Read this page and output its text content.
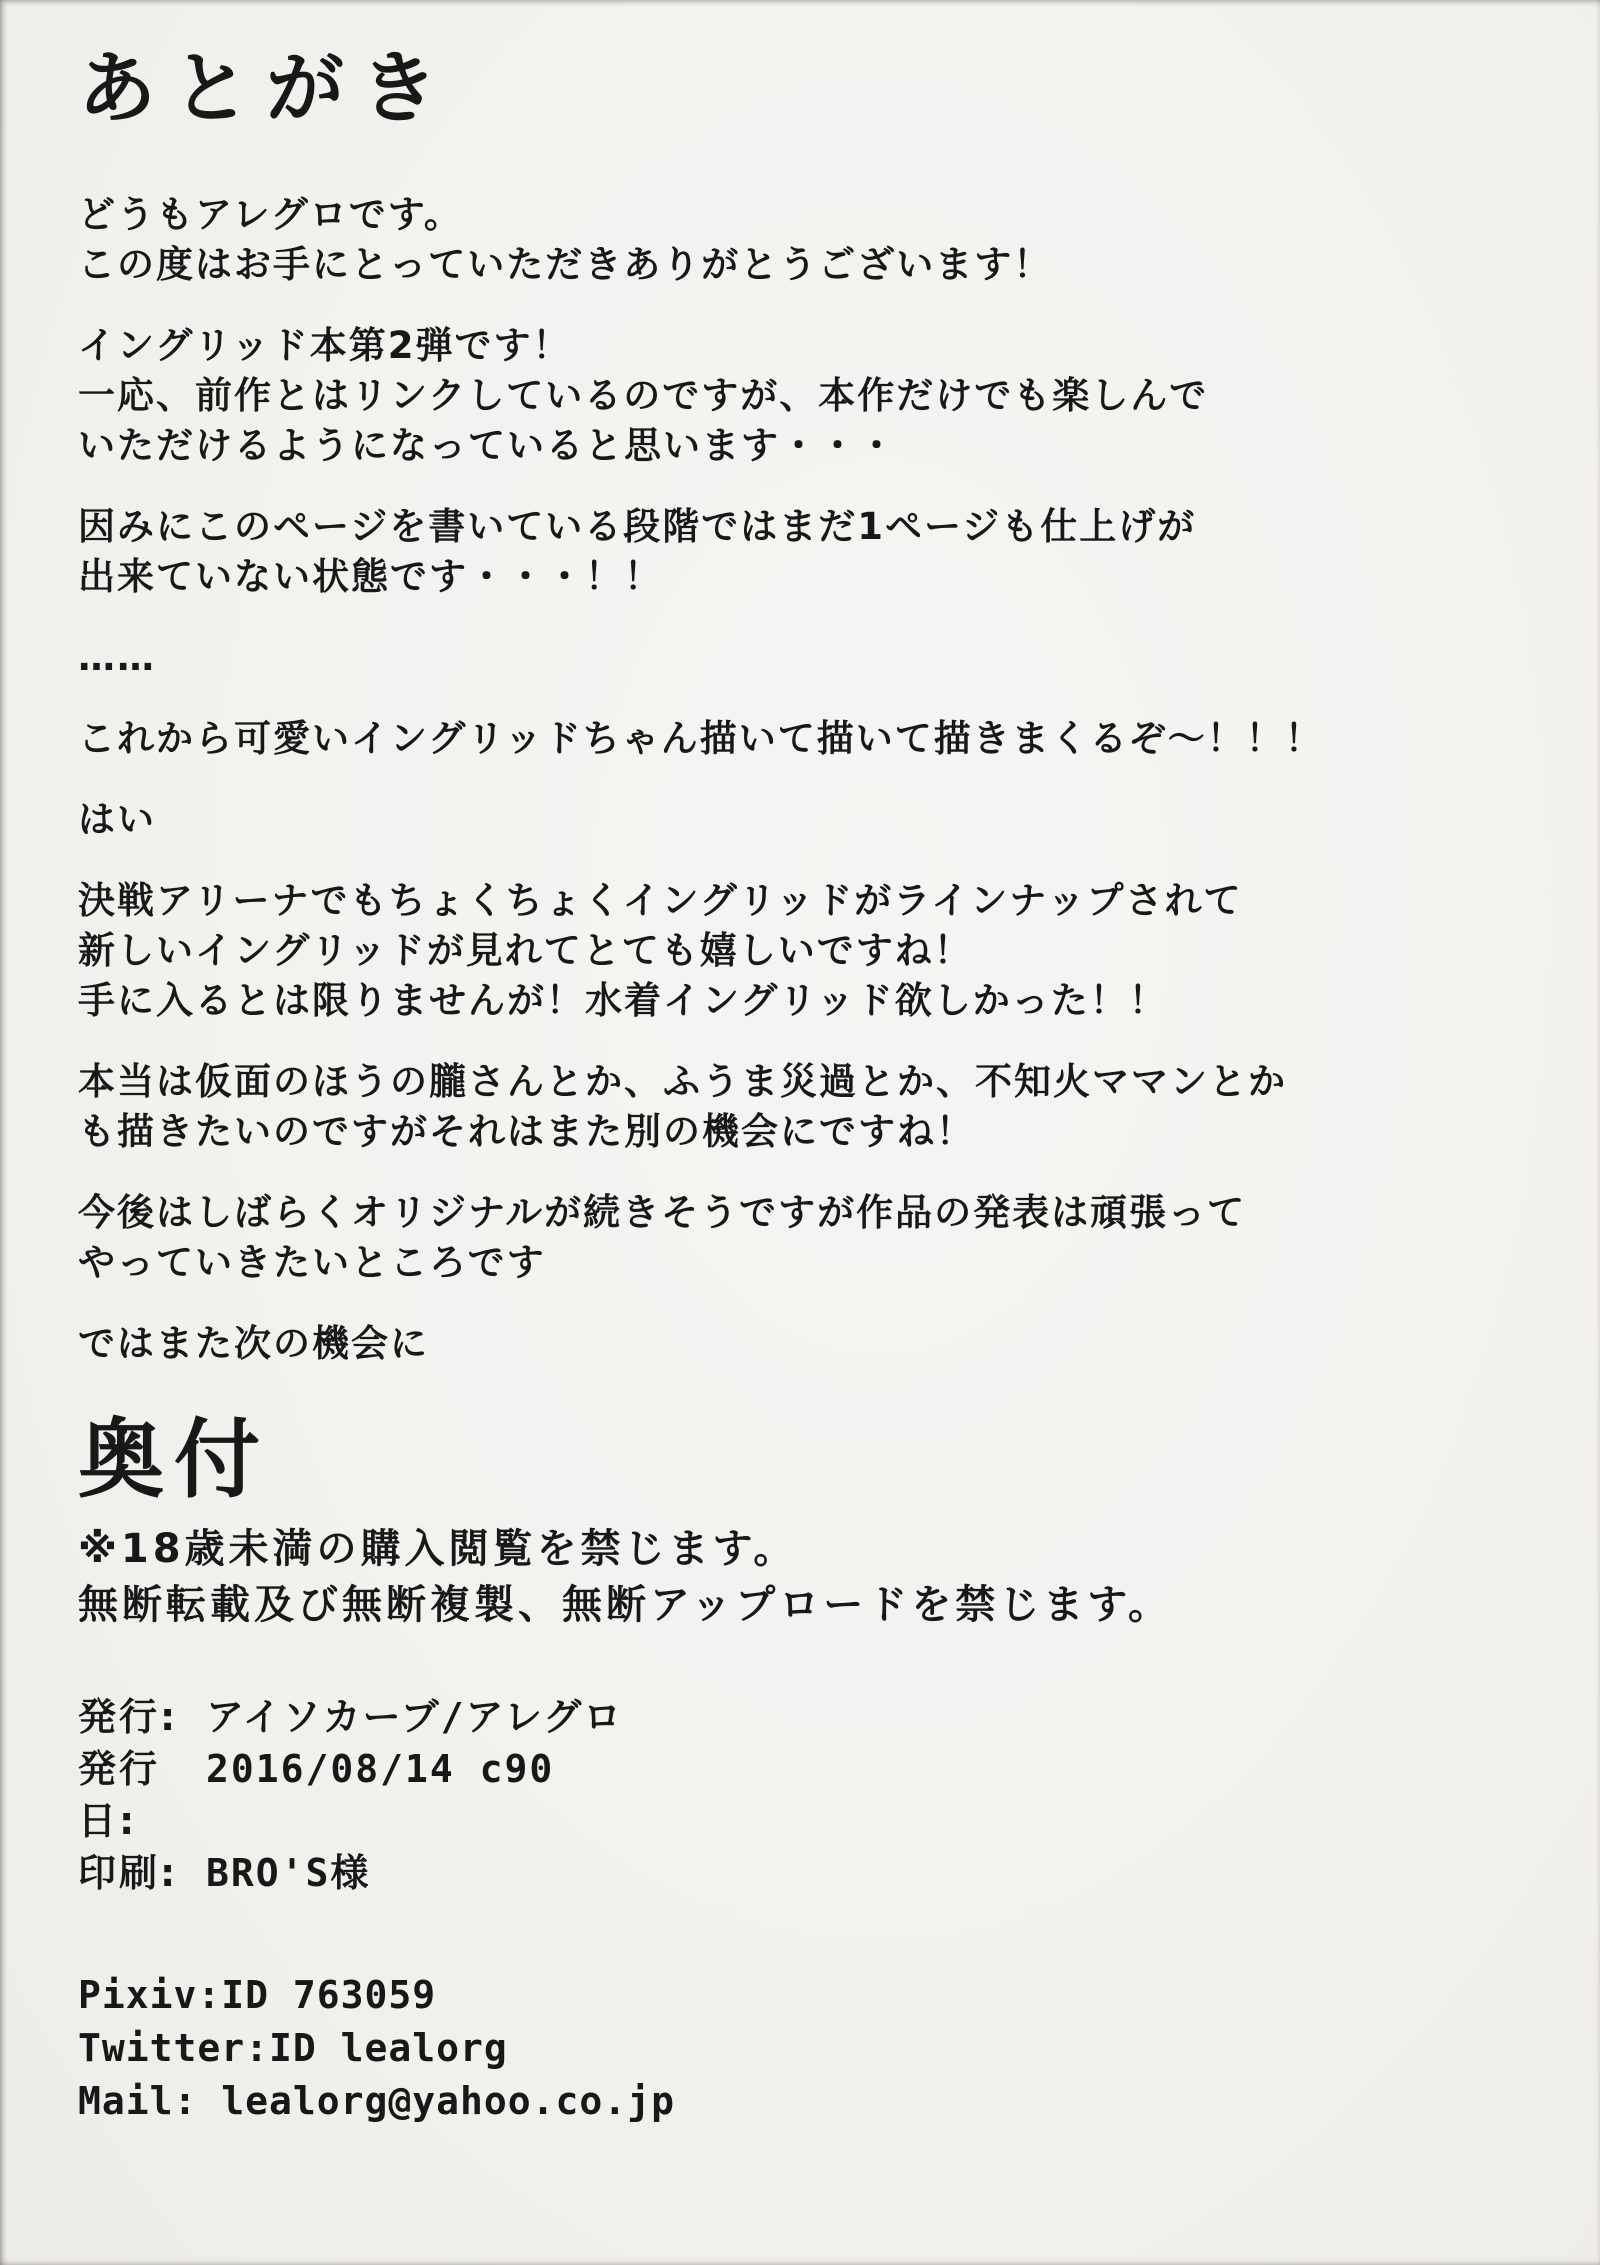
あとがき
どうもアレグロです。
この度はお手にとっていただきありがとうございます！
イングリッド本第2弾です！
一応、前作とはリンクしているのですが、本作だけでも楽しんで
いただけるようになっていると思います・・・
因みにこのページを書いている段階ではまだ1ページも仕上げが
出来ていない状態です・・・！！
……
これから可愛いイングリッドちゃん描いて描いて描きまくるぞ～！！！
はい
決戦アリーナでもちょくちょくイングリッドがラインナップされて
新しいイングリッドが見れてとても嬉しいですね！
手に入るとは限りませんが！水着イングリッド欲しかった！！
本当は仮面のほうの朧さんとか、ふうま災過とか、不知火ママンとか
も描きたいのですがそれはまた別の機会にですね！
今後はしばらくオリジナルが続きそうですが作品の発表は頑張って
やっていきたいところです
ではまた次の機会に
奥付
※18歳未満の購入閲覧を禁じます。
無断転載及び無断複製、無断アップロードを禁じます。
発行: アイソカーブ/アレグロ
発行日:
2016/08/14 c90
印刷: BRO'S様
Pixiv:ID 763059
Twitter:ID lealorg
Mail: lealorg@yahoo.co.jp
